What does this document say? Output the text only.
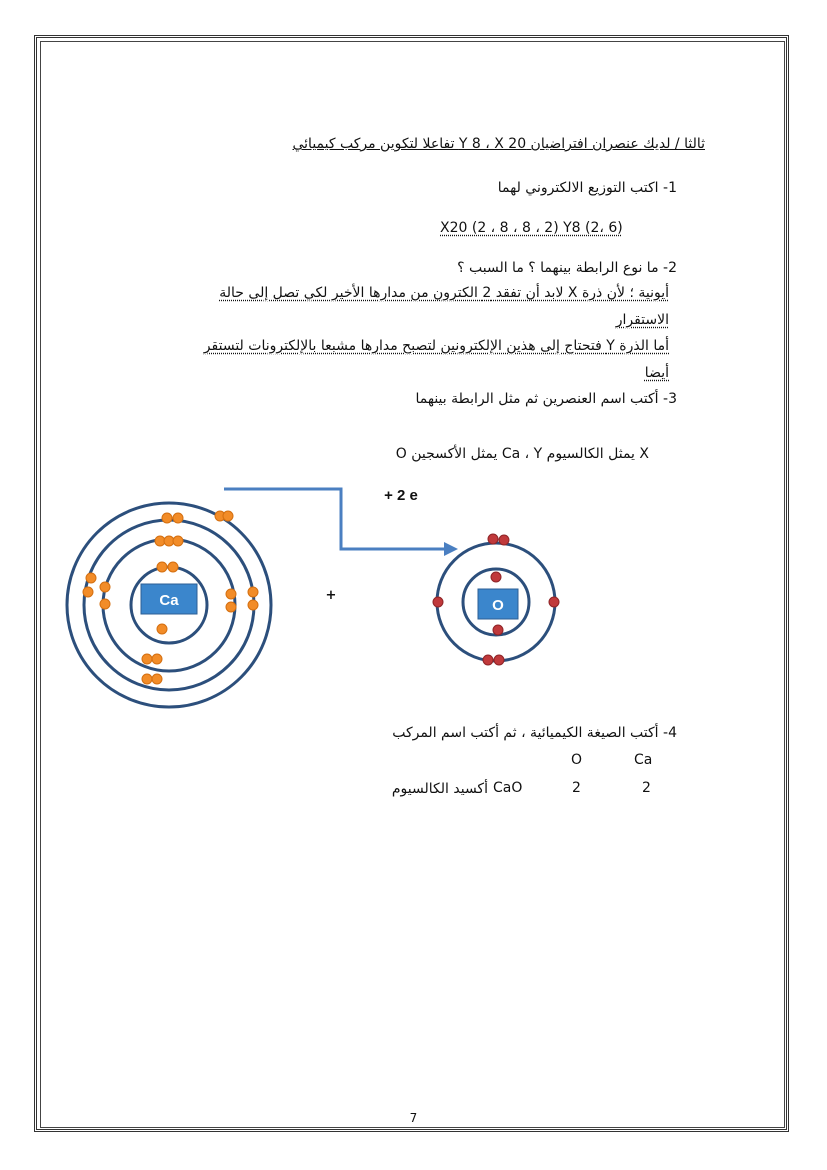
ثالثا / لديك عنصران افتراضيان Y 8 ، X 20 تفاعلا لتكوين مركب كيميائي
1- اكتب التوزيع الالكتروني لهما
X20 (2 ، 8 ، 8 ، 2) Y8 (2، 6)
2- ما نوع الرابطة بينهما ؟ ما السبب ؟
أيونية ؛ لأن ذرة X لابد أن تفقد 2 الكترون من مدارها الأخير لكي تصل إلى حالة
الاستقرار
أما الذرة Y فتحتاج إلى هذين الإلكترونين لتصبح مدارها مشبعا بالإلكترونات لتستقر
أيضا
3- أكتب اسم العنصرين ثم مثل الرابطة بينهما
X يمثل الكالسيوم Ca ، Y يمثل الأكسجين O
Ca	+
+ 2 e
O
4- أكتب الصيغة الكيميائية ، ثم أكتب اسم المركب
Ca
O
2
2
CaO
أكسيد الكالسيوم
7
